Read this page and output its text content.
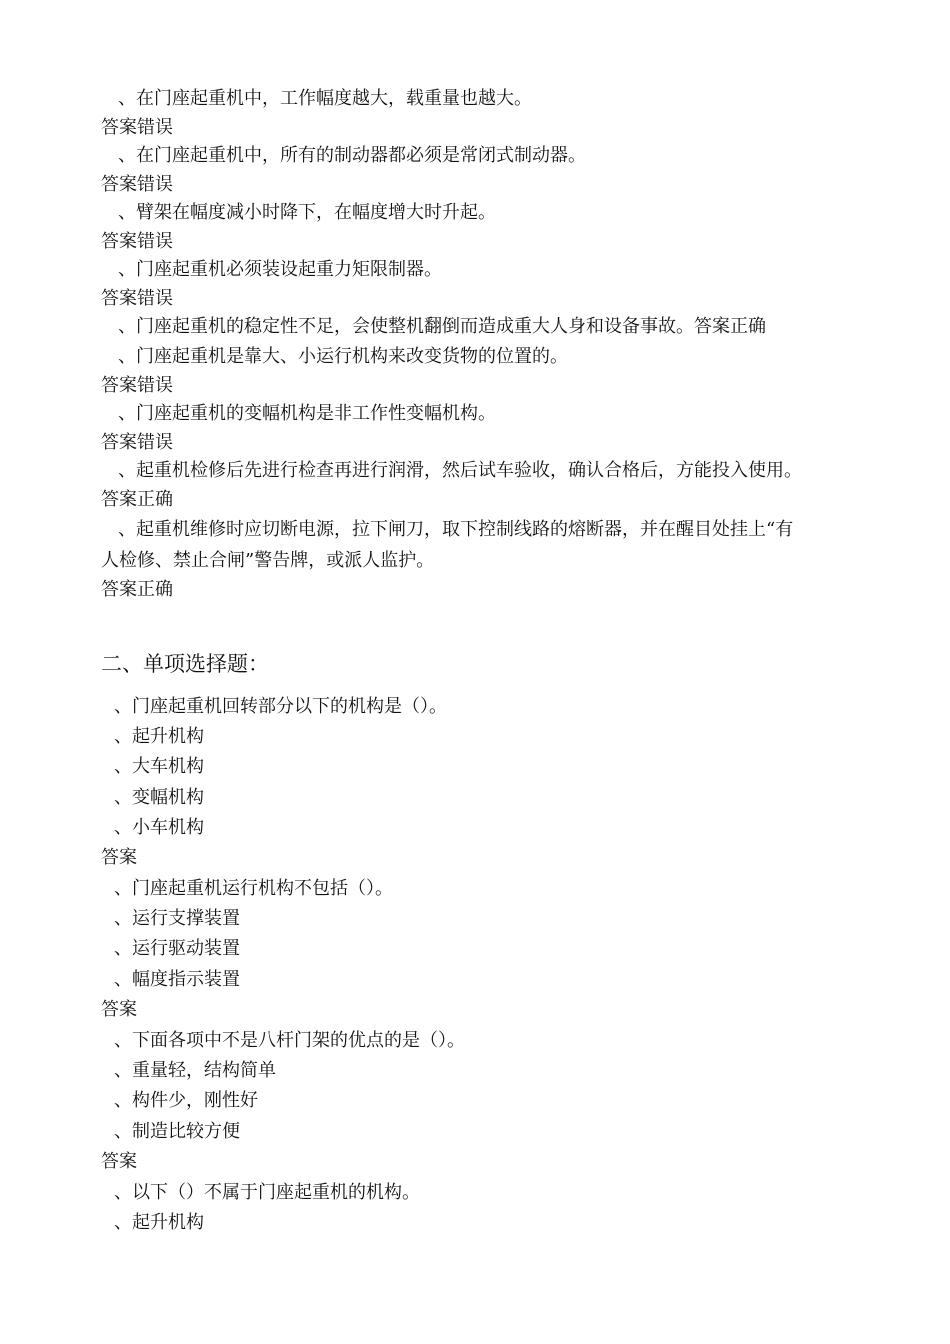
、在门座起重机中，工作幅度越大，载重量也越大。
答案错误
、在门座起重机中，所有的制动器都必须是常闭式制动器。
答案错误
、臂架在幅度减小时降下，在幅度增大时升起。
答案错误
、门座起重机必须装设起重力矩限制器。
答案错误
、门座起重机的稳定性不足，会使整机翻倒而造成重大人身和设备事故。答案正确
、门座起重机是靠大、小运行机构来改变货物的位置的。
答案错误
、门座起重机的变幅机构是非工作性变幅机构。
答案错误
、起重机检修后先进行检查再进行润滑，然后试车验收，确认合格后，方能投入使用。
答案正确
、起重机维修时应切断电源，拉下闸刀，取下控制线路的熔断器，并在醒目处挂上“有
人检修、禁止合闸”警告牌，或派人监护。
答案正确
二、单项选择题：
、门座起重机回转部分以下的机构是（）。
、起升机构
、大车机构
、变幅机构
、小车机构
答案
、门座起重机运行机构不包括（）。
、运行支撑装置
、运行驱动装置
、幅度指示装置
答案
、下面各项中不是八杆门架的优点的是（）。
、重量轻，结构简单
、构件少，刚性好
、制造比较方便
答案
、以下（）不属于门座起重机的机构。
、起升机构
